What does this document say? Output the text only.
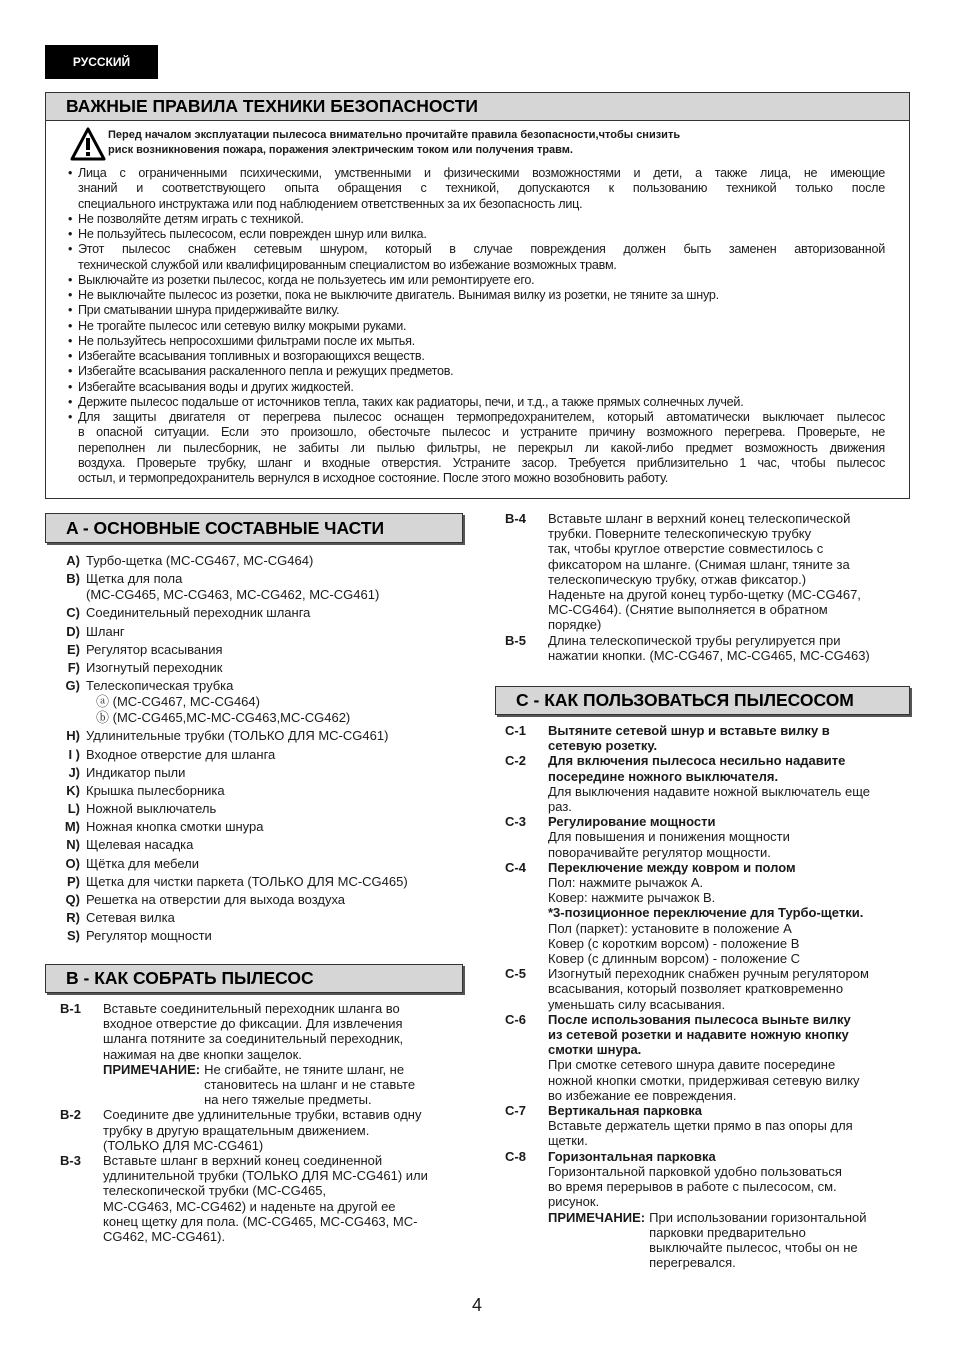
РУССКИЙ
ВАЖНЫЕ ПРАВИЛА ТЕХНИКИ БЕЗОПАСНОСТИ
Перед началом эксплуатации пылесоса внимательно прочитайте правила безопасности,чтобы снизить
риск возникновения пожара, поражения электрическим током или получения травм.
Лица с ограниченными психическими, умственными и физическими возможностями и дети, а также лица, не имеющие
•
знаний и соответствующего опыта обращения с техникой, допускаются к пользованию техникой только после
специального инструктажа или под наблюдением ответственных за их безопасность лиц.
Не позволяйте детям играть с техникой.
•
Не пользуйтесь пылесосом, если поврежден шнур или вилка.
•
Этот пылесос снабжен сетевым шнуром, который в случае повреждения должен быть заменен авторизованной
•
технической службой или квалифицированным специалистом во избежание возможных травм.
Выключайте из розетки пылесос, когда не пользуетесь им или ремонтируете его.
•
Не выключайте пылесос из розетки, пока не выключите двигатель. Вынимая вилку из розетки, не тяните за шнур.
•
При сматывании шнура придерживайте вилку.
•
Не трогайте пылесос или сетевую вилку мокрыми руками.
•
Не пользуйтесь непросохшими фильтрами после их мытья.
•
Избегайте всасывания топливных и возгорающихся веществ.
•
Избегайте всасывания раскаленного пепла и режущих предметов.
•
Избегайте всасывания воды и других жидкостей.
•
Держите пылесос подальше от источников тепла, таких как радиаторы, печи, и т.д., а также прямых солнечных лучей.
•
Для защиты двигателя от перегрева пылесос оснащен термопредохранителем, который автоматически выключает пылесос
•
в опасной ситуации. Если это произошло, обесточьте пылесос и устраните причину возможного перегрева. Проверьте, не
переполнен ли пылесборник, не забиты ли пылью фильтры, не перекрыл ли какой-либо предмет возможность движения
воздуха. Проверьте трубку, шланг и входные отверстия. Устраните засор. Требуется приблизительно 1 час, чтобы пылесос
остыл, и термопредохранитель вернулся в исходное состояние. После этого можно возобновить работу.
A - ОСНОВНЫЕ СОСТАВНЫЕ ЧАСТИ
A) Турбо-щетка (MC-CG467, MC-CG464)
B) Щетка для пола
(MC-CG465, MC-CG463, MC-CG462, MC-CG461)
C) Соединительный переходник шланга
D) Шланг
E) Регулятор всасывания
F) Изогнутый переходник
G) Телескопическая трубка
ⓐ (MC-CG467, MC-CG464)
ⓑ (MC-CG465,MC-MC-CG463,MC-CG462)
H) Удлинительные трубки (ТОЛЬКО ДЛЯ MC-CG461)
I ) Входное отверстие для шланга
J) Индикатор пыли
K) Крышка пылесборника
L) Ножной выключатель
M) Ножная кнопка смотки шнура
N) Щелевая насадка
O) Щётка для мебели
P) Щетка для чистки паркета (ТОЛЬКО ДЛЯ MC-CG465)
Q) Решетка на отверстии для выхода воздуха
R) Сетевая вилка
S) Регулятор мощности
B - КАК СОБРАТЬ ПЫЛЕСОС
B-1	Вставьте соединительный переходник шланга во
входное отверстие до фиксации. Для извлечения
шланга потяните за соединительный переходник,
нажимая на две кнопки защелок.
ПРИМЕЧАНИЕ: Не сгибайте, не тяните шланг, не
становитесь на шланг и не ставьте
на него тяжелые предметы.
B-2	Соедините две удлинительные трубки, вставив одну
трубку в другую вращательным движением.
(ТОЛЬКО ДЛЯ MC-CG461)
B-3	Вставьте шланг в верхний конец соединенной
удлинительной трубки (ТОЛЬКО ДЛЯ MC-CG461) или
телескопической трубки (MC-CG465,
MC-CG463, MC-CG462) и наденьте на другой ее
конец щетку для пола. (MC-CG465, MC-CG463, MC-
CG462, MC-CG461).
B-4	Вставьте шланг в верхний конец телескопической
трубки. Поверните телескопическую трубку
так, чтобы круглое отверстие совместилось с
фиксатором на шланге. (Снимая шланг, тяните за
телескопическую трубку, отжав фиксатор.)
Наденьте на другой конец турбо-щетку (MC-CG467,
MC-CG464). (Снятие выполняется в обратном
порядке)
B-5	Длина телескопической трубы регулируется при
нажатии кнопки. (MC-CG467, MC-CG465, MC-CG463)
C - КАК ПОЛЬЗОВАТЬСЯ ПЫЛЕСОСОМ
C-1	Вытяните сетевой шнур и вставьте вилку в
сетевую розетку.
C-2	Для включения пылесоса несильно надавите
посередине ножного выключателя.
Для выключения надавите ножной выключатель еще
раз.
C-3	Регулирование мощности
Для повышения и понижения мощности
поворачивайте регулятор мощности.
C-4	Переключение между ковром и полом
Пол: нажмите рычажок A.
Ковер: нажмите рычажок B.
*3-позиционное переключение для Турбо-щетки.
Пол (паркет): установите в положение A
Ковер (с коротким ворсом) - положение B
Ковер (с длинным ворсом) - положение C
C-5	Изогнутый переходник снабжен ручным регулятором
всасывания, который позволяет кратковременно
уменьшать силу всасывания.
C-6	После использования пылесоса выньте вилку
из сетевой розетки и надавите ножную кнопку
смотки шнура.
При смотке сетевого шнура давите посередине
ножной кнопки смотки, придерживая сетевую вилку
во избежание ее повреждения.
C-7	Вертикальная парковка
Вставьте держатель щетки прямо в паз опоры для
щетки.
C-8	Горизонтальная парковка
Горизонтальной парковкой удобно пользоваться
во время перерывов в работе с пылесосом, см.
рисунок.
ПРИМЕЧАНИЕ: При использовании горизонтальной
парковки предварительно
выключайте пылесос, чтобы он не
перегревался.
4
